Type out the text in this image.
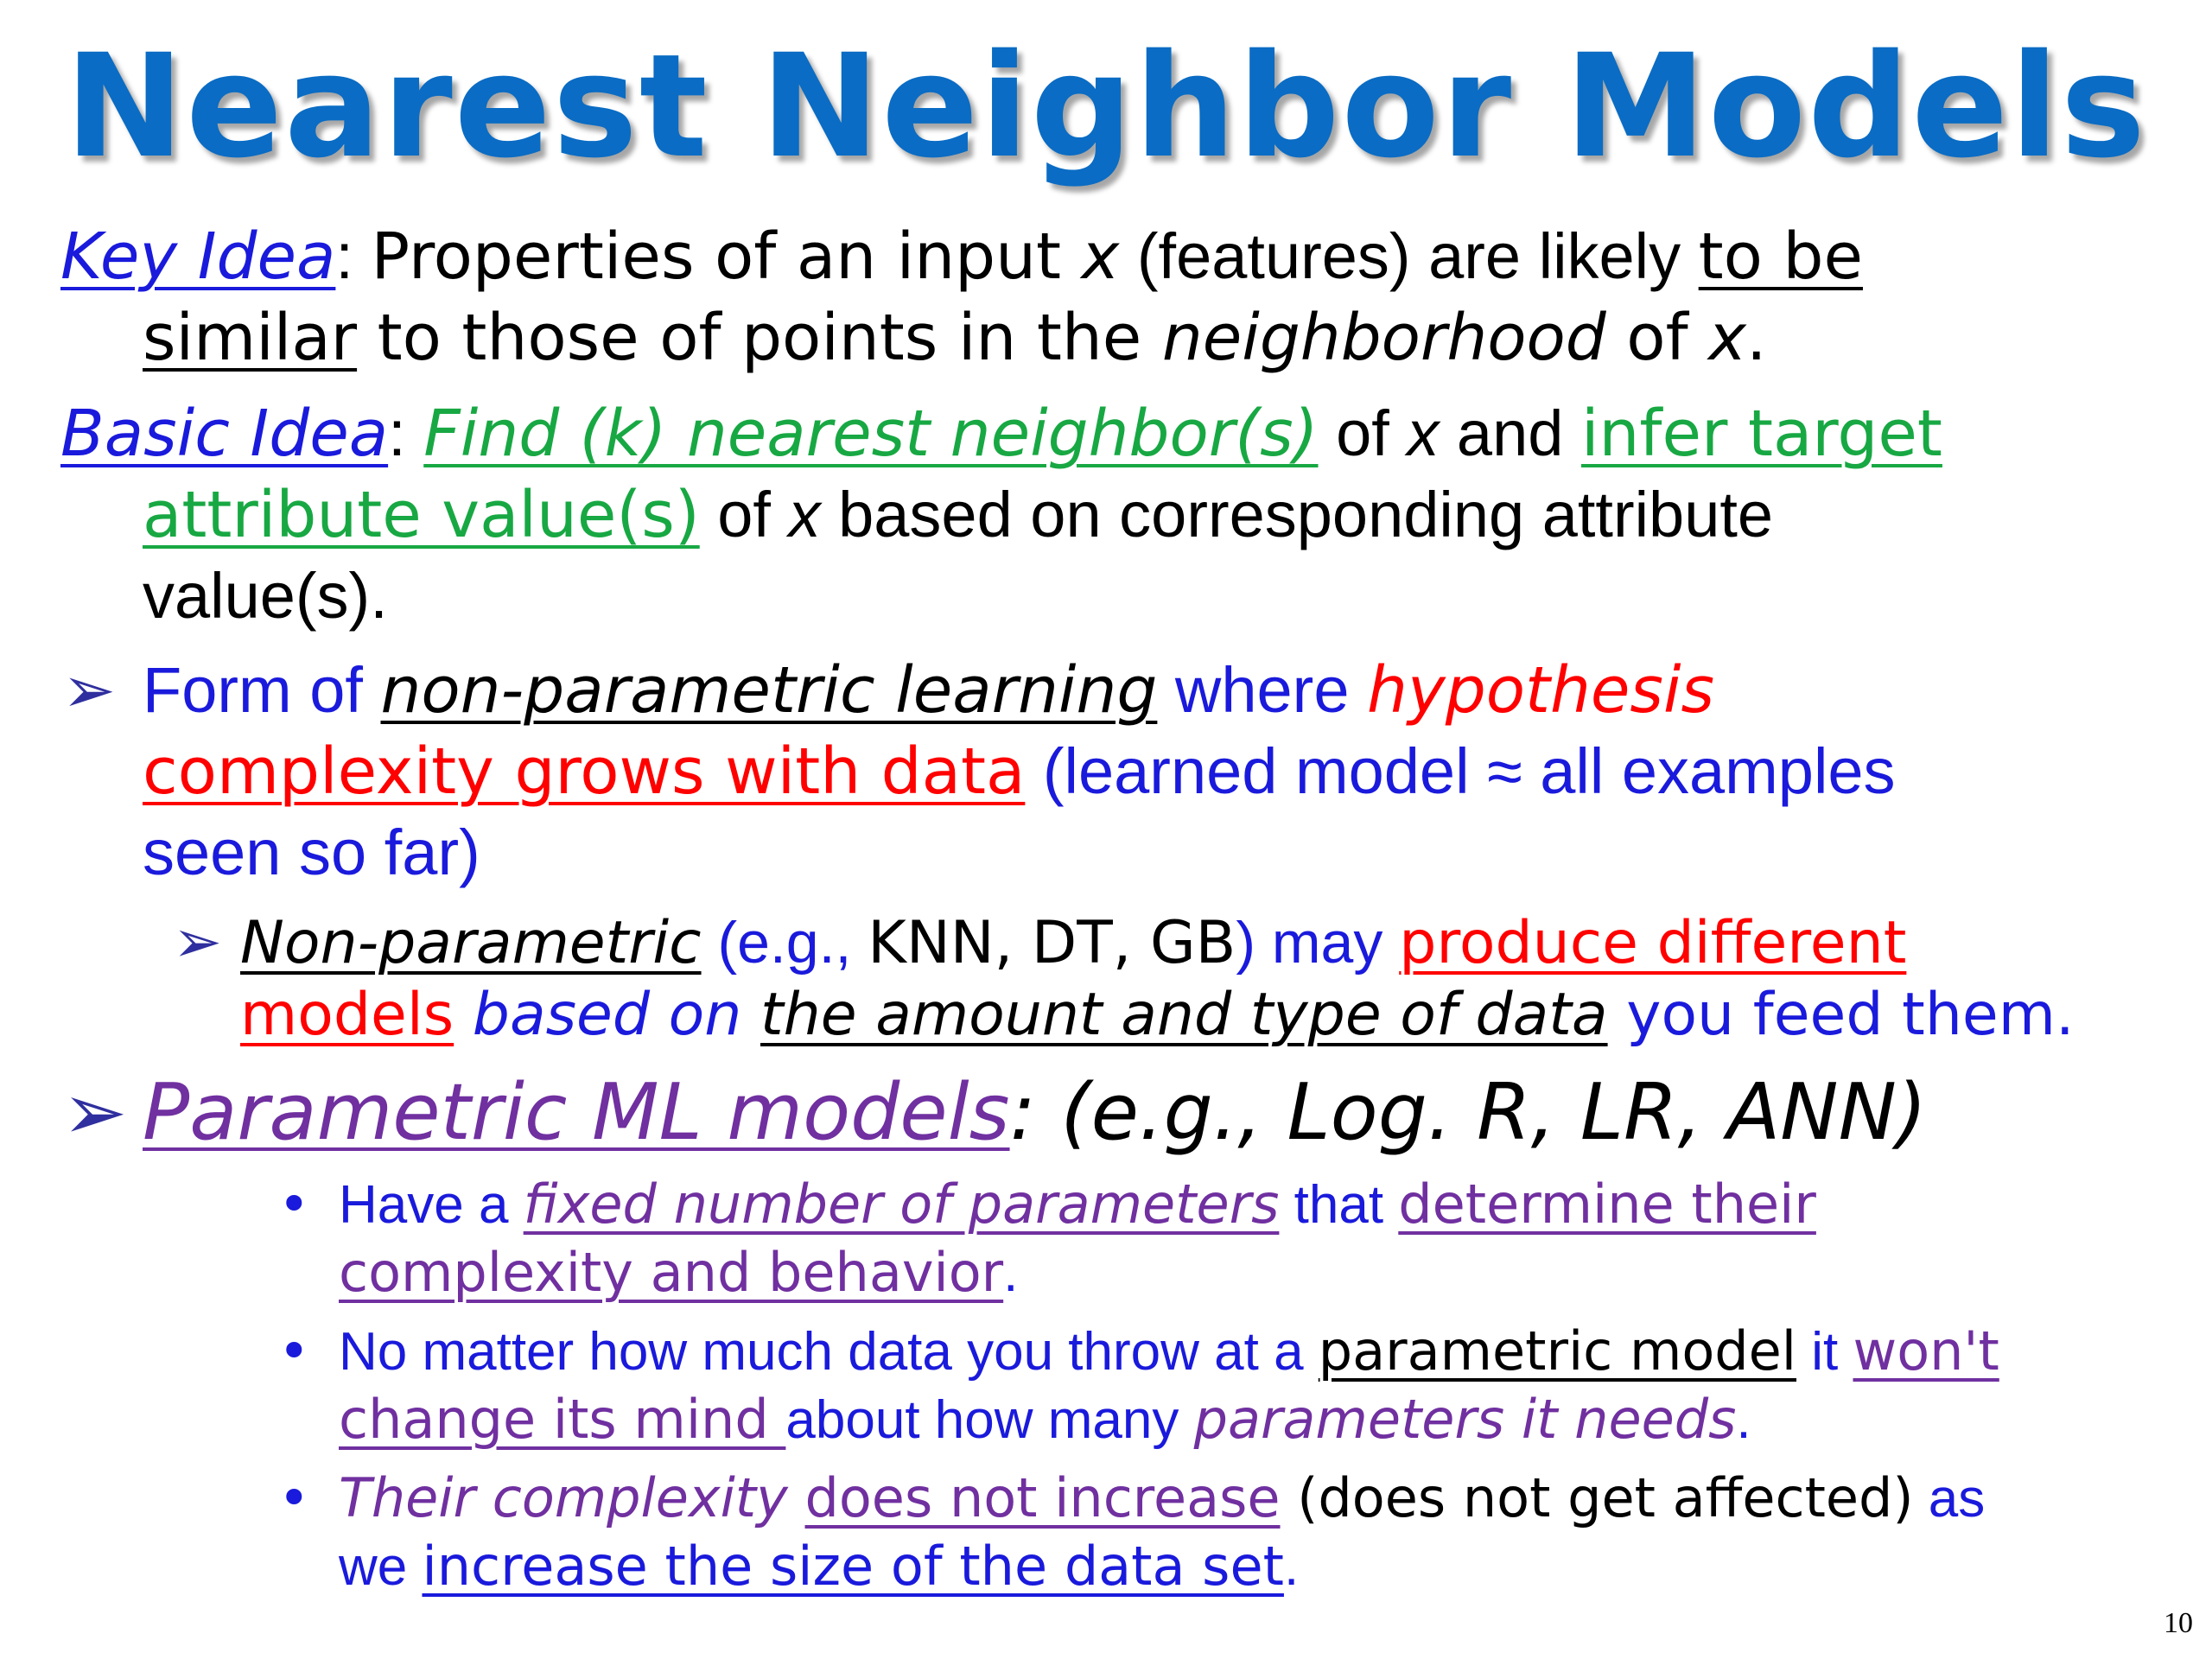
Nearest Neighbor Models
Key Idea: Properties of an input x (features) are likely to be
similar to those of points in the neighborhood of x.
Basic Idea: Find (k) nearest neighbor(s) of x and infer target
attribute value(s) of x based on corresponding attribute
value(s).
➢ Form of non-parametric learning where hypothesis
complexity grows with data (learned model ≈ all examples
seen so far)
➢ Non-parametric (e.g., KNN, DT, GB) may produce different
models based on the amount and type of data you feed them.
➢ Parametric ML models: (e.g., Log. R, LR, ANN)
• Have a fixed number of parameters that determine their
complexity and behavior.
• No matter how much data you throw at a parametric model it won't
change its mind about how many parameters it needs.
• Their complexity does not increase (does not get affected) as
we increase the size of the data set.
10
